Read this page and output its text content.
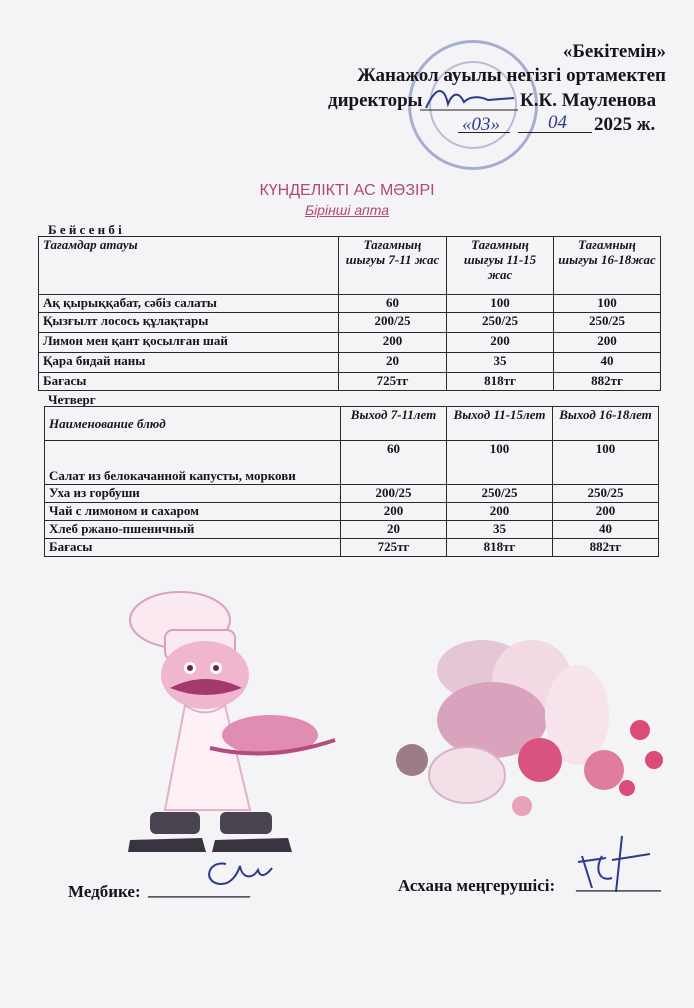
«Бекітемін»
Жанажол ауылы негізгі ортамектеп
директоры	К.К. Мауленова
«03»	04 2025 ж.
КҮНДЕЛІКТІ АС МӘЗІРІ
Бірінші апта
Б е й с е н б і
Тағамдар атауы	Тағамның шығуы 7-11 жас	Тағамның шығуы 11-15 жас	Тағамның шығуы 16-18жас
Ақ қырыққабат, сәбіз салаты	60	100	100
Қызғылт лосось құлақтары	200/25	250/25	250/25
Лимон мен қант қосылған шай	200	200	200
Қара бидай наны	20	35	40
Бағасы	725тг	818тг	882тг
Четверг
Наименование блюд	Выход 7-11лет	Выход 11-15лет	Выход 16-18лет
Салат из белокачанной капусты, моркови	60	100	100
Уха из горбуши	200/25	250/25	250/25
Чай с лимоном и сахаром	200	200	200
Хлеб ржано-пшеничный	20	35	40
Бағасы	725тг	818тг	882тг
Медбике: ____________	Асхана меңгерушісі: __________
